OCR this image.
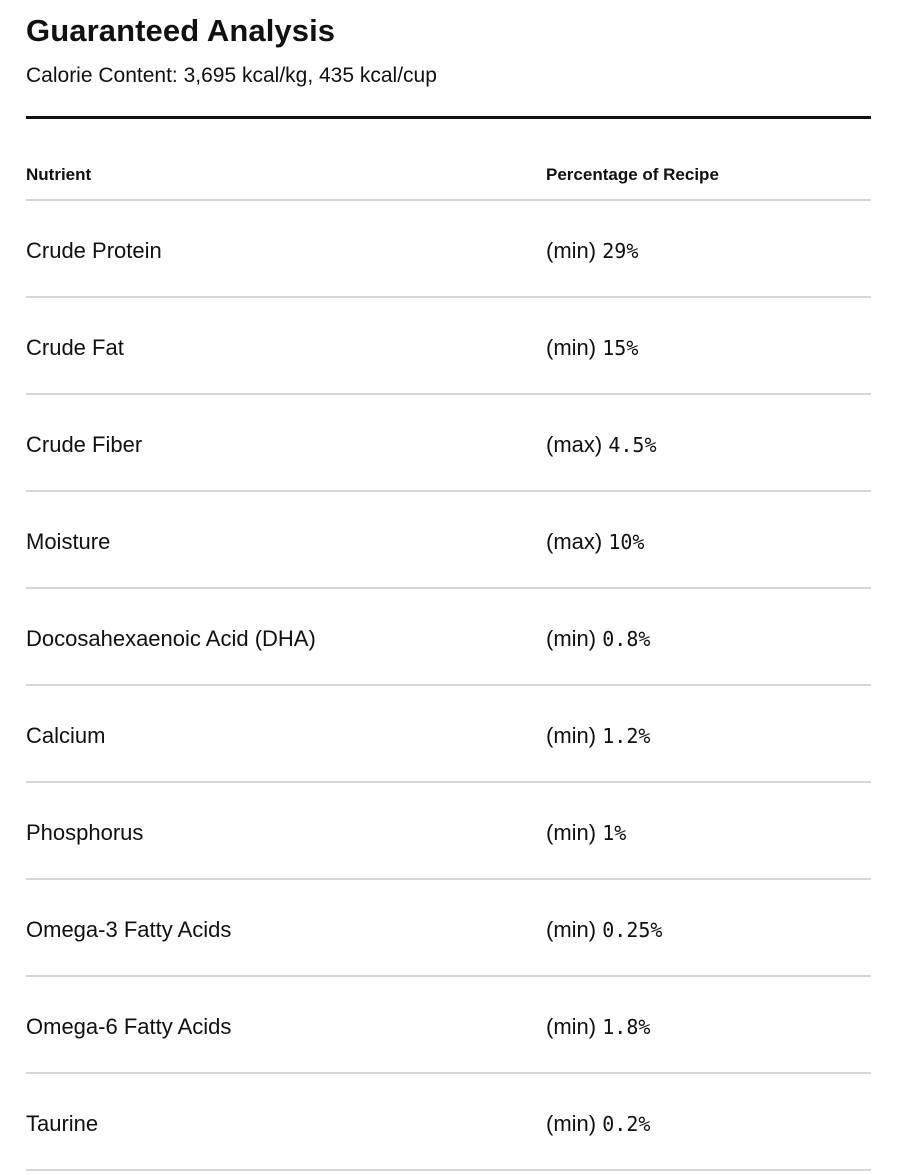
Guaranteed Analysis

Calorie Content: 3,695 kcal/kg, 435 kcal/cup

Nutrient	Percentage of Recipe
Crude Protein	(min) 29%
Crude Fat	(min) 15%
Crude Fiber	(max) 4.5%
Moisture	(max) 10%
Docosahexaenoic Acid (DHA)	(min) 0.8%
Calcium	(min) 1.2%
Phosphorus	(min) 1%
Omega-3 Fatty Acids	(min) 0.25%
Omega-6 Fatty Acids	(min) 1.8%
Taurine	(min) 0.2%
